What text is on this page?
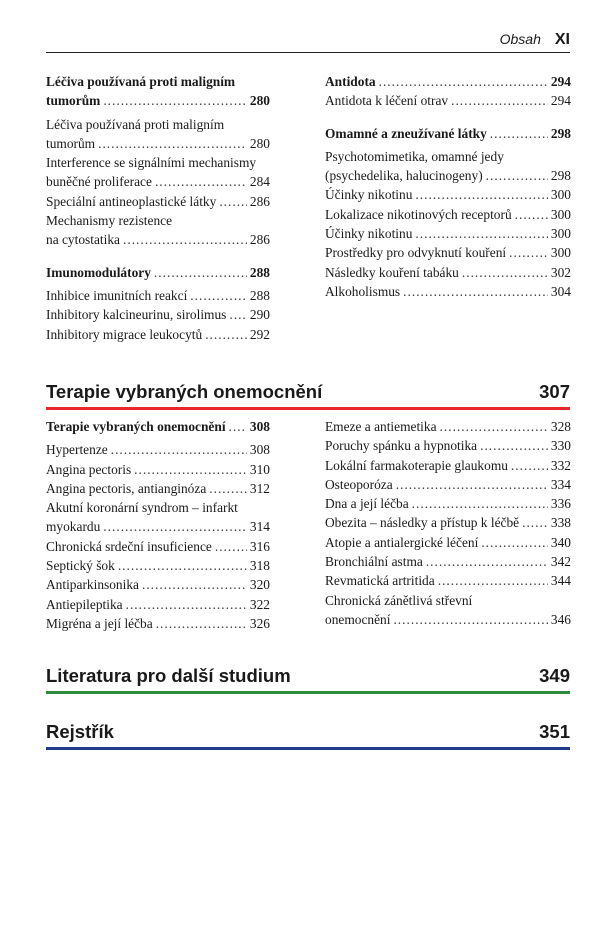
Obsah XI
Léčiva používaná proti maligním
tumorům .....	280
Léčiva používaná proti maligním
tumorům .....	280
Interference se signálními mechanismy
buněčné proliferace .....	284
Speciální antineoplastické látky .....	286
Mechanismy rezistence
na cytostatika .....	286
Imunomodulátory .....	288
Inhibice imunitních reakcí .....	288
Inhibitory kalcineurinu, sirolimus ..... 290
Inhibitory migrace leukocytů .....	292
Antidota .....	294
Antidota k léčení otrav .....	294
Omamné a zneužívané látky .....	298
Psychotomimetika, omamné jedy
(psychedelika, halucinogeny) .....	298
Účinky nikotinu .....	300
Lokalizace nikotinových receptorů .....	300
Účinky nikotinu .....	300
Prostředky pro odvyknutí kouření .....	300
Následky kouření tabáku .....	302
Alkoholismus .....	304
Terapie vybraných onemocnění	307
Terapie vybraných onemocnění ..... 308
Hypertenze .....	308
Angina pectoris .....	310
Angina pectoris, antianginóza .....	312
Akutní koronární syndrom – infarkt
myokardu .....	314
Chronická srdeční insuficience .....	316
Septický šok .....	318
Antiparkinsonika .....	320
Antiepileptika .....	322
Migréna a její léčba .....	326
Emeze a antiemetika .....	328
Poruchy spánku a hypnotika .....	330
Lokální farmakoterapie glaukomu .....	332
Osteoporóza .....	334
Dna a její léčba .....	336
Obezita – následky a přístup k léčbě ..... 338
Atopie a antialergické léčení .....	340
Bronchiální astma .....	342
Revmatická artritida .....	344
Chronická zánětlivá střevní
onemocnění .....	346
Literatura pro další studium	349
Rejstřík	351
